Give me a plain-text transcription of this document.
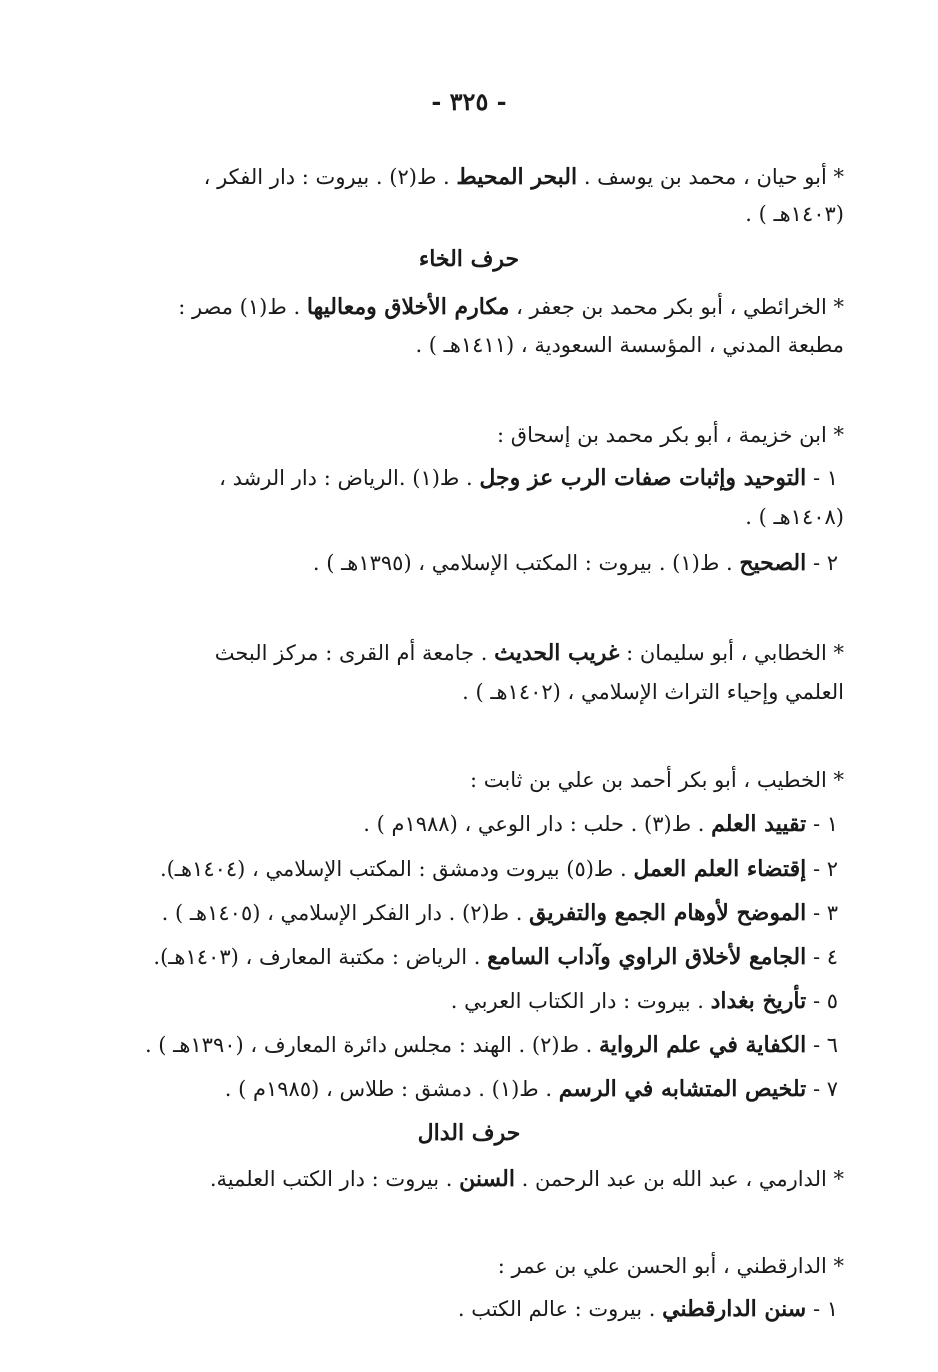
- ٣٢٥ -
* أبو حيان ، محمد بن يوسف . البحر المحيط . ط(٢) . بيروت : دار الفكر ،
(١٤٠٣هـ ) .
حرف الخاء
* الخرائطي ، أبو بكر محمد بن جعفر ، مكارم الأخلاق ومعاليها . ط(١) مصر :
مطبعة المدني ، المؤسسة السعودية ، (١٤١١هـ ) .
* ابن خزيمة ، أبو بكر محمد بن إسحاق :
١ - التوحيد وإثبات صفات الرب عز وجل . ط(١) .الرياض : دار الرشد ،
(١٤٠٨هـ ) .
٢ - الصحيح . ط(١) . بيروت : المكتب الإسلامي ، (١٣٩٥هـ ) .
* الخطابي ، أبو سليمان : غريب الحديث . جامعة أم القرى : مركز البحث
العلمي وإحياء التراث الإسلامي ، (١٤٠٢هـ ) .
* الخطيب ، أبو بكر أحمد بن علي بن ثابت :
١ - تقييد العلم . ط(٣) . حلب : دار الوعي ، (١٩٨٨م ) .
٢ - إقتضاء العلم العمل . ط(٥) بيروت ودمشق : المكتب الإسلامي ، (١٤٠٤هـ).
٣ - الموضح لأوهام الجمع والتفريق . ط(٢) . دار الفكر الإسلامي ، (١٤٠٥هـ ) .
٤ - الجامع لأخلاق الراوي وآداب السامع . الرياض : مكتبة المعارف ، (١٤٠٣هـ).
٥ - تأريخ بغداد . بيروت : دار الكتاب العربي .
٦ - الكفاية في علم الرواية . ط(٢) . الهند : مجلس دائرة المعارف ، (١٣٩٠هـ ) .
٧ - تلخيص المتشابه في الرسم . ط(١) . دمشق : طلاس ، (١٩٨٥م ) .
حرف الدال
* الدارمي ، عبد الله بن عبد الرحمن . السنن . بيروت : دار الكتب العلمية.
* الدارقطني ، أبو الحسن علي بن عمر :
١ - سنن الدارقطني . بيروت : عالم الكتب .
